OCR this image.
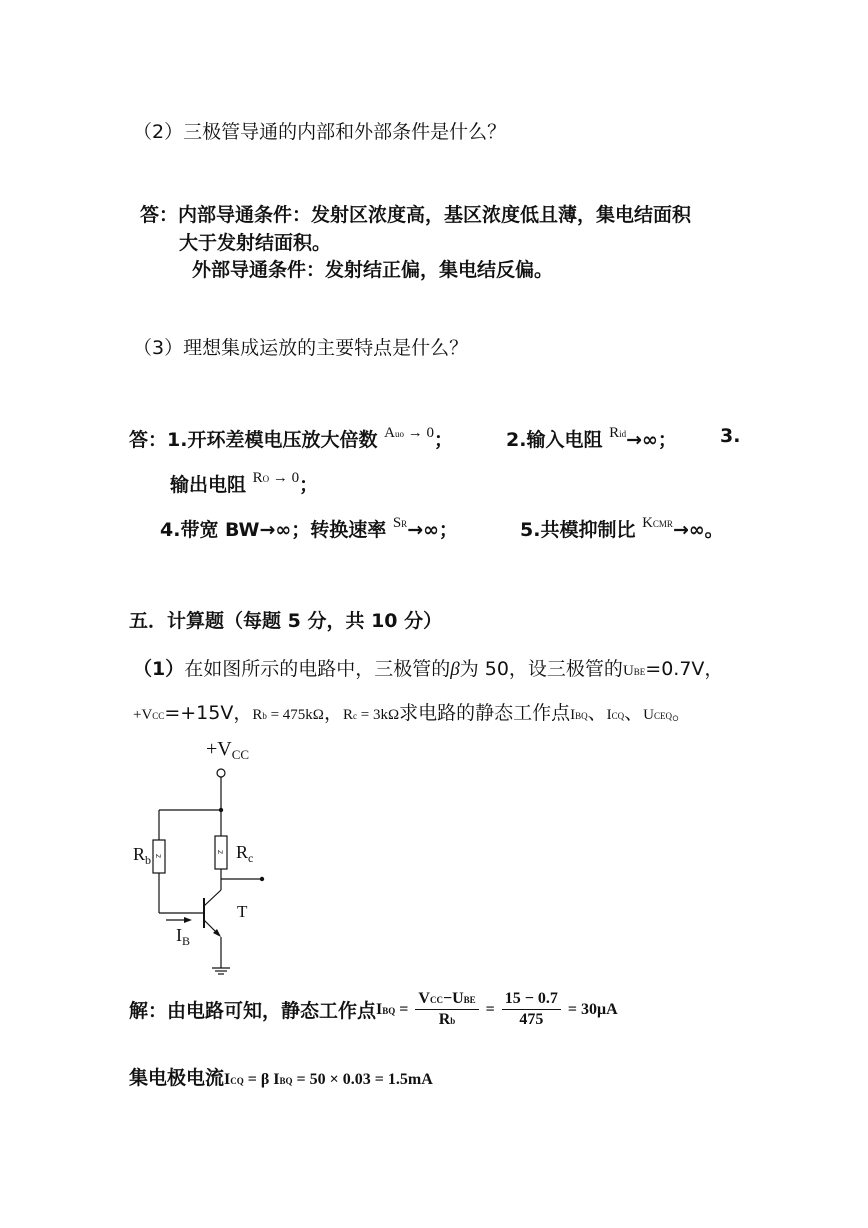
（2）三极管导通的内部和外部条件是什么？
答：内部导通条件：发射区浓度高，基区浓度低且薄，集电结面积
大于发射结面积。
外部导通条件：发射结正偏，集电结反偏。
（3）理想集成运放的主要特点是什么？
答：1.开环差模电压放大倍数 $^{Auo \to 0}$；	2.输入电阻 $^{Rid}$→∞； 3.
输出电阻 $^{RO \to 0}$；
4.带宽 BW→∞；转换速率 $^{SR}$→∞；	5.共模抑制比 $^{KCMR}$→∞。
五．计算题（每题 5 分，共 10 分）
（1）在如图所示的电路中，三极管的β为 50，设三极管的UBE=0.7V，
+VCC=+15V，Rb = 475kΩ，Rc = 3kΩ求电路的静态工作点IBQ、ICQ、UCEQ。
Z
Z
$+V_{CC}$
$R_b$	$R_c$
T
$I_B$
解：由电路可知，静态工作点 IBQ = $\frac{\text{VCC−UBE}}{Rb} = \frac{15 - 0.7}{475} = 30\mu A$
集电极电流ICQ = β IBQ = 50 × 0.03 = 1.5mA
